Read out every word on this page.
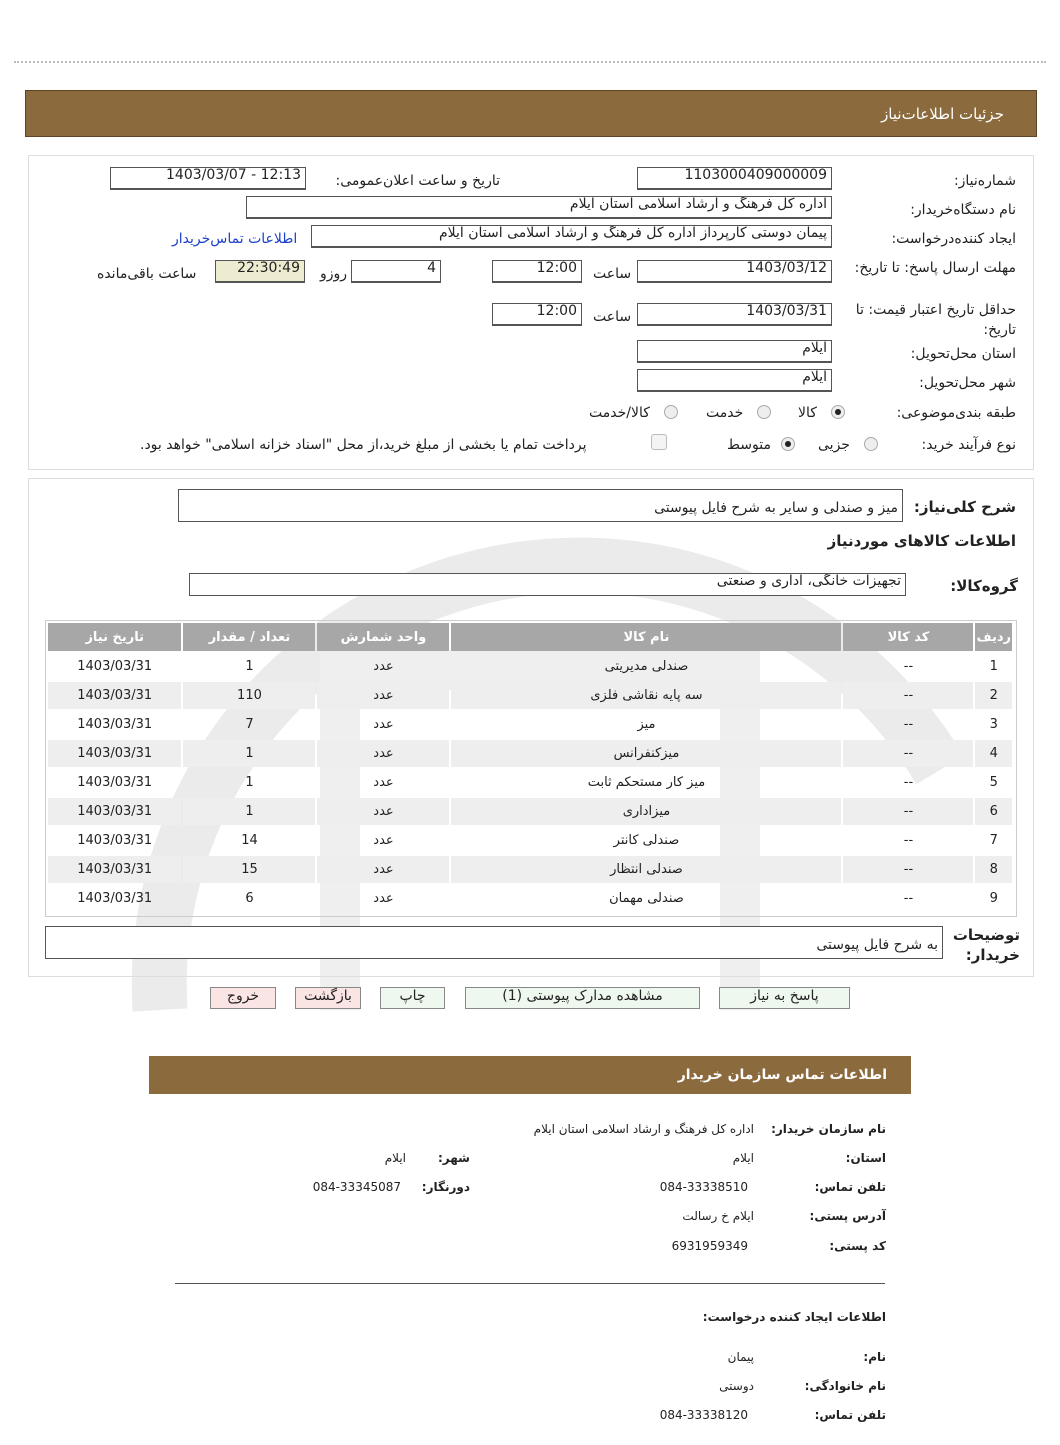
جزئیات اطلاعات‌نیاز
شماره‌نیاز:
1103000409000009
تاریخ و ساعت اعلان‌عمومی:
1403/03/07 - 12:13
نام دستگاه‌خریدار:
اداره کل فرهنگ و ارشاد اسلامی استان ایلام
ایجاد کننده‌درخواست:
پیمان دوستی کارپرداز اداره کل فرهنگ و ارشاد اسلامی استان ایلام
اطلاعات تماس‌خریدار
مهلت ارسال پاسخ: تا تاریخ:
1403/03/12
ساعت
12:00
4
روزو
22:30:49
ساعت باقی‌مانده
حداقل تاریخ اعتبار قیمت: تا تاریخ:
1403/03/31
ساعت
12:00
استان محل‌تحویل:
ایلام
شهر محل‌تحویل:
ایلام
طبقه بندی‌موضوعی:
کالا
خدمت
کالا/خدمت
نوع فرآیند خرید:
جزیی
متوسط
پرداخت تمام یا بخشی از مبلغ خرید،از محل "اسناد خزانه اسلامی" خواهد بود.
شرح کلی‌نیاز:
میز و صندلی و سایر به شرح فایل پیوستی
اطلاعات کالاهای موردنیاز
گروه‌کالا:
تجهیزات خانگی، اداری و صنعتی
ردیف	کد کالا	نام کالا	واحد شمارش	تعداد / مقدار	تاریخ نیاز
1	--	صندلی مدیریتی	عدد	1	1403/03/31
2	--	سه پایه نقاشی فلزی	عدد	110	1403/03/31
3	--	میز	عدد	7	1403/03/31
4	--	میزکنفرانس	عدد	1	1403/03/31
5	--	میز کار مستحکم ثابت	عدد	1	1403/03/31
6	--	میزاداری	عدد	1	1403/03/31
7	--	صندلی کانتر	عدد	14	1403/03/31
8	--	صندلی انتظار	عدد	15	1403/03/31
9	--	صندلی مهمان	عدد	6	1403/03/31
توضیحات خریدار:
به شرح فایل پیوستی
پاسخ به نیاز
مشاهده مدارک پیوستی (1)
چاپ
بازگشت
خروج
اطلاعات تماس سازمان خریدار
نام سازمان خریدار:
اداره کل فرهنگ و ارشاد اسلامی استان ایلام
استان:
ایلام
شهر:
ایلام
تلفن تماس:
084-33338510
دورنگار:
084-33345087
آدرس پستی:
ایلام خ رسالت
کد پستی:
6931959349
اطلاعات ایجاد کننده درخواست:
نام:
پیمان
نام خانوادگی:
دوستی
تلفن تماس:
084-33338120
